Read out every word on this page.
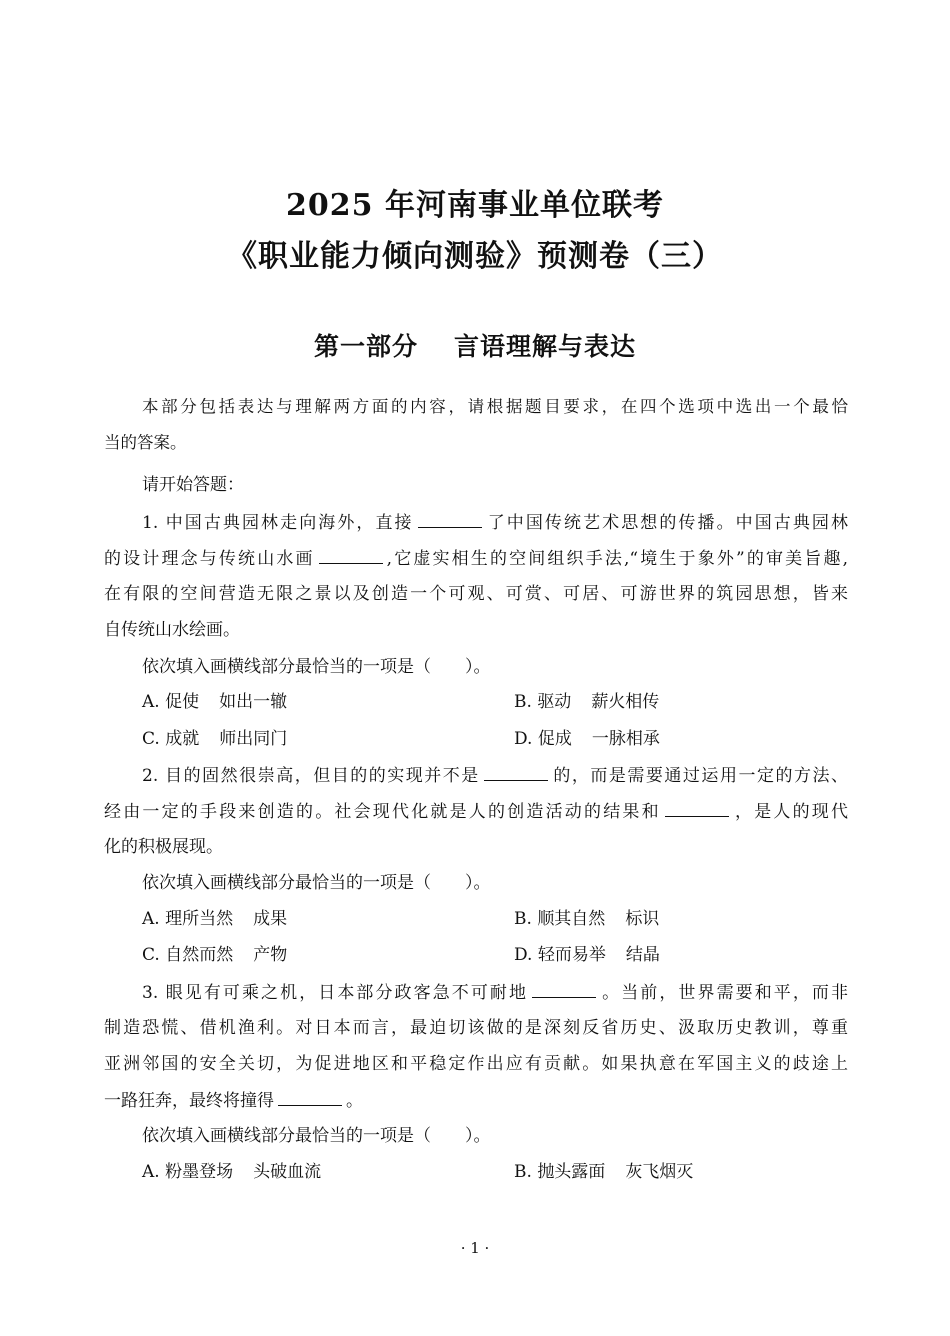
2025 年河南事业单位联考
《职业能力倾向测验》预测卷（三）
第一部分 言语理解与表达
本部分包括表达与理解两方面的内容，请根据题目要求，在四个选项中选出一个最恰
当的答案。
请开始答题：
1. 中国古典园林走向海外，直接	了中国传统艺术思想的传播。中国古典园林
的设计理念与传统山水画	,它虚实相生的空间组织手法,“境生于象外”的审美旨趣,
在有限的空间营造无限之景以及创造一个可观、可赏、可居、可游世界的筑园思想，皆来
自传统山水绘画。
依次填入画横线部分最恰当的一项是（　　）。
A. 促使 如出一辙	B. 驱动 薪火相传
C. 成就 师出同门	D. 促成 一脉相承
2. 目的固然很崇高，但目的的实现并不是	的，而是需要通过运用一定的方法、
经由一定的手段来创造的。社会现代化就是人的创造活动的结果和	，是人的现代
化的积极展现。
依次填入画横线部分最恰当的一项是（　　）。
A. 理所当然 成果	B. 顺其自然 标识
C. 自然而然 产物	D. 轻而易举 结晶
3. 眼见有可乘之机，日本部分政客急不可耐地	。当前，世界需要和平，而非
制造恐慌、借机渔利。对日本而言，最迫切该做的是深刻反省历史、汲取历史教训，尊重
亚洲邻国的安全关切，为促进地区和平稳定作出应有贡献。如果执意在军国主义的歧途上
一路狂奔，最终将撞得	。
依次填入画横线部分最恰当的一项是（　　）。
A. 粉墨登场 头破血流	B. 抛头露面 灰飞烟灭
· 1 ·
